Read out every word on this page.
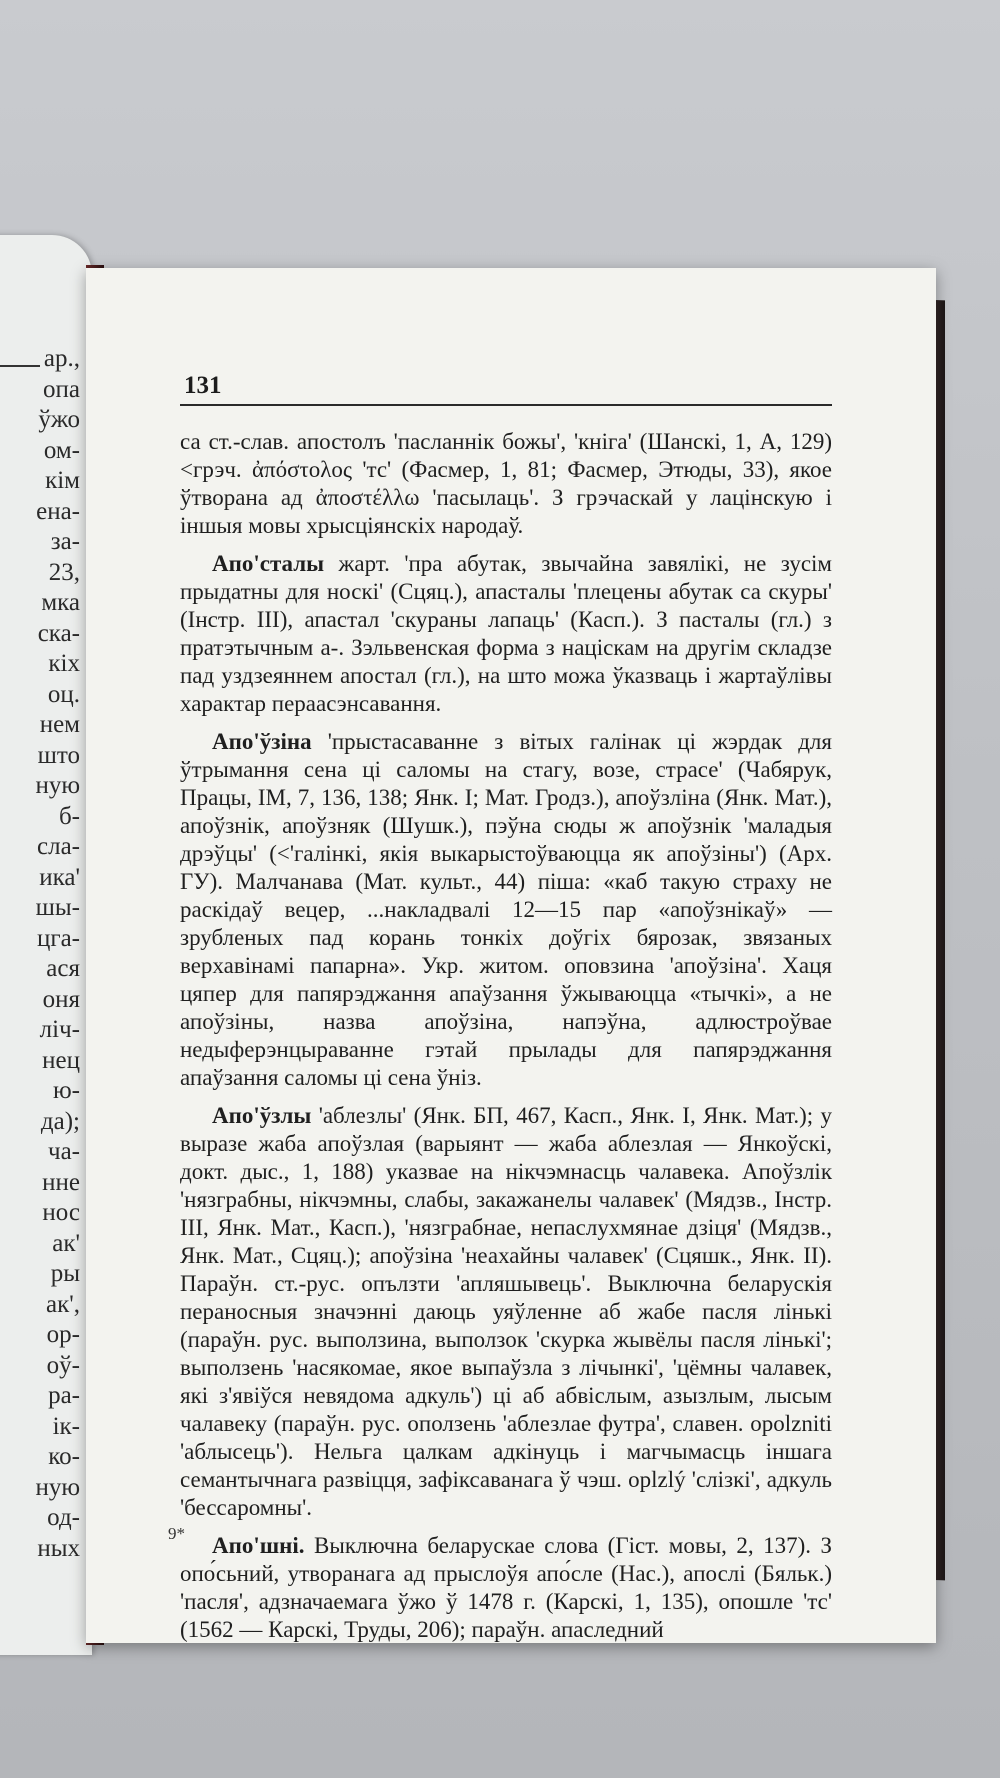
ар.,
опа
ўжо
ом-
кім
ена-
за-
23,
мка
ска-
кіх
оц.
нем
што
ную
б-
сла-
ика'
шы-
цга-
ася
оня
ліч-
нец
ю-
да);
ча-
нне
нос
ак'
ры
ак',
ор-
оў-
ра-
ік-
ко-
ную
од-
ных
131

са ст.-слав. апостолъ 'пасланнік божы', 'кніга' (Шанскі, 1, А, 129) <грэч. ἀπόστολος 'тс' (Фасмер, 1, 81; Фасмер, Этюды, 33), якое ўтворана ад ἀποστέλλω 'пасылаць'. З грэчаскай у лацінскую і іншыя мовы хрысціянскіх народаў.

Апо'сталы жарт. 'пра абутак, звычайна завялікі, не зусім прыдатны для носкі' (Сцяц.), апасталы 'плецены абутак са скуры' (Інстр. III), апастал 'скураны лапаць' (Касп.). З пасталы (гл.) з пратэтычным а-. Зэльвенская форма з націскам на другім складзе пад уздзеяннем апостал (гл.), на што можа ўказваць і жартаўлівы характар пераасэнсавання.

Апо'ўзіна 'прыстасаванне з вітых галінак ці жэрдак для ўтрымання сена ці саломы на стагу, возе, страсе' (Чабярук, Працы, ІМ, 7, 136, 138; Янк. І; Мат. Гродз.), апоўзліна (Янк. Мат.), апоўзнік, апоўзняк (Шушк.), пэўна сюды ж апоўзнік 'маладыя дрэўцы' (<'галінкі, якія выкарыстоўваюцца як апоўзіны') (Арх. ГУ). Малчанава (Мат. культ., 44) піша: «каб такую страху не раскідаў вецер, ...накладвалі 12—15 пар «апоўзнікаў» — зрубленых пад корань тонкіх доўгіх бярозак, звязаных верхавінамі папарна». Укр. житом. оповзина 'апоўзіна'. Хаця цяпер для папярэджання апаўзання ўжываюцца «тычкі», а не апоўзіны, назва апоўзіна, напэўна, адлюстроўвае недыферэнцыраванне гэтай прылады для папярэджання апаўзання саломы ці сена ўніз.

Апо'ўзлы 'аблезлы' (Янк. БП, 467, Касп., Янк. І, Янк. Мат.); у выразе жаба апоўзлая (варыянт — жаба аблезлая — Янкоўскі, докт. дыс., 1, 188) указвае на нікчэмнасць чалавека. Апоўзлік 'нязграбны, нікчэмны, слабы, закажанелы чалавек' (Мядзв., Інстр. III, Янк. Мат., Касп.), 'нязграбнае, непаслухмянае дзіця' (Мядзв., Янк. Мат., Сцяц.); апоўзіна 'неахайны чалавек' (Сцяшк., Янк. II). Параўн. ст.-рус. опълзти 'апляшывець'. Выключна беларускія пераносныя значэнні даюць уяўленне аб жабе пасля лінькі (параўн. рус. выползина, выползок 'скурка жывёлы пасля лінькі'; выползень 'насякомае, якое выпаўзла з лічынкі', 'цёмны чалавек, які з'явіўся невядома адкуль') ці аб абвіслым, азызлым, лысым чалавеку (параўн. рус. оползень 'аблезлае футра', славен. opolzniti 'аблысець'). Нельга цалкам адкінуць і магчымасць іншага семантычнага развіцця, зафіксаванага ў чэш. oplzlý 'слізкі', адкуль 'бессаромны'.

Апо'шні. Выключна беларускае слова (Гіст. мовы, 2, 137). З опо́сьний, утворанага ад прыслоўя апо́сле (Нас.), апослі (Бяльк.) 'пасля', адзначаемага ўжо ў 1478 г. (Карскі, 1, 135), опошле 'тс' (1562 — Карскі, Труды, 206); параўн. апаследний

9*
